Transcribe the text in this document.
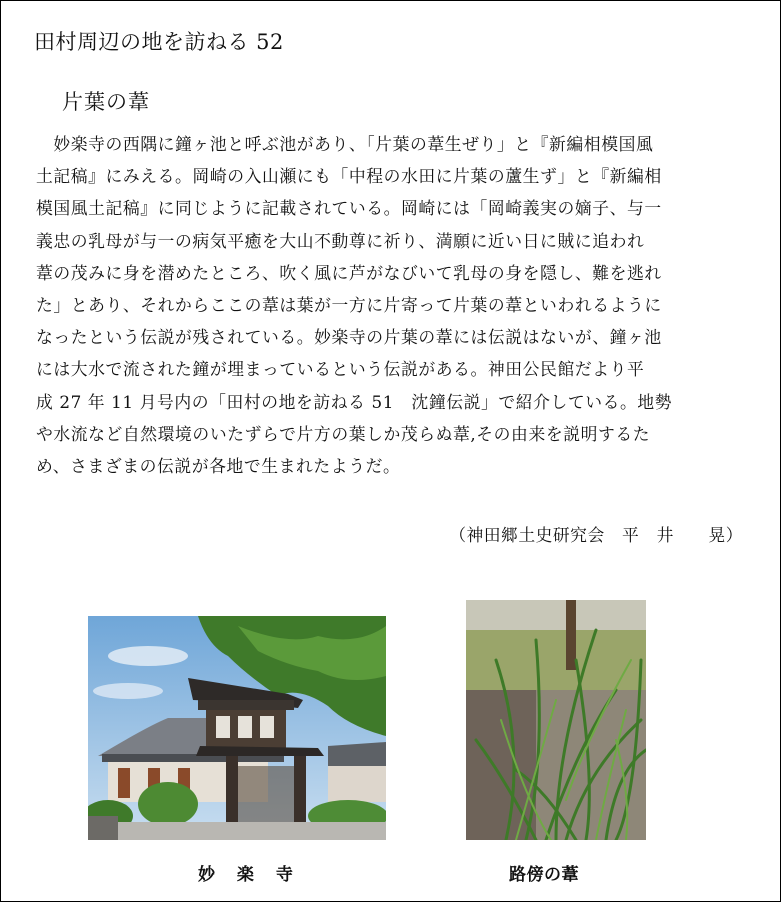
田村周辺の地を訪ねる 52
片葉の葦
　妙楽寺の西隅に鐘ヶ池と呼ぶ池があり、「片葉の葦生ぜり」と『新編相模国風
土記稿』にみえる。岡崎の入山瀬にも「中程の水田に片葉の蘆生ず」と『新編相
模国風土記稿』に同じように記載されている。岡崎には「岡崎義実の嫡子、与一
義忠の乳母が与一の病気平癒を大山不動尊に祈り、満願に近い日に賊に追われ
葦の茂みに身を潜めたところ、吹く風に芦がなびいて乳母の身を隠し、難を逃れ
た」とあり、それからここの葦は葉が一方に片寄って片葉の葦といわれるように
なったという伝説が残されている。妙楽寺の片葉の葦には伝説はないが、鐘ヶ池
には大水で流された鐘が埋まっているという伝説がある。神田公民館だより平
成 27 年 11 月号内の「田村の地を訪ねる 51　沈鐘伝説」で紹介している。地勢
や水流など自然環境のいたずらで片方の葉しか茂らぬ葦,その由来を説明するた
め、さまざまの伝説が各地で生まれたようだ。
（神田郷土史研究会　平　井　　晃）
妙 楽 寺	路傍の葦
